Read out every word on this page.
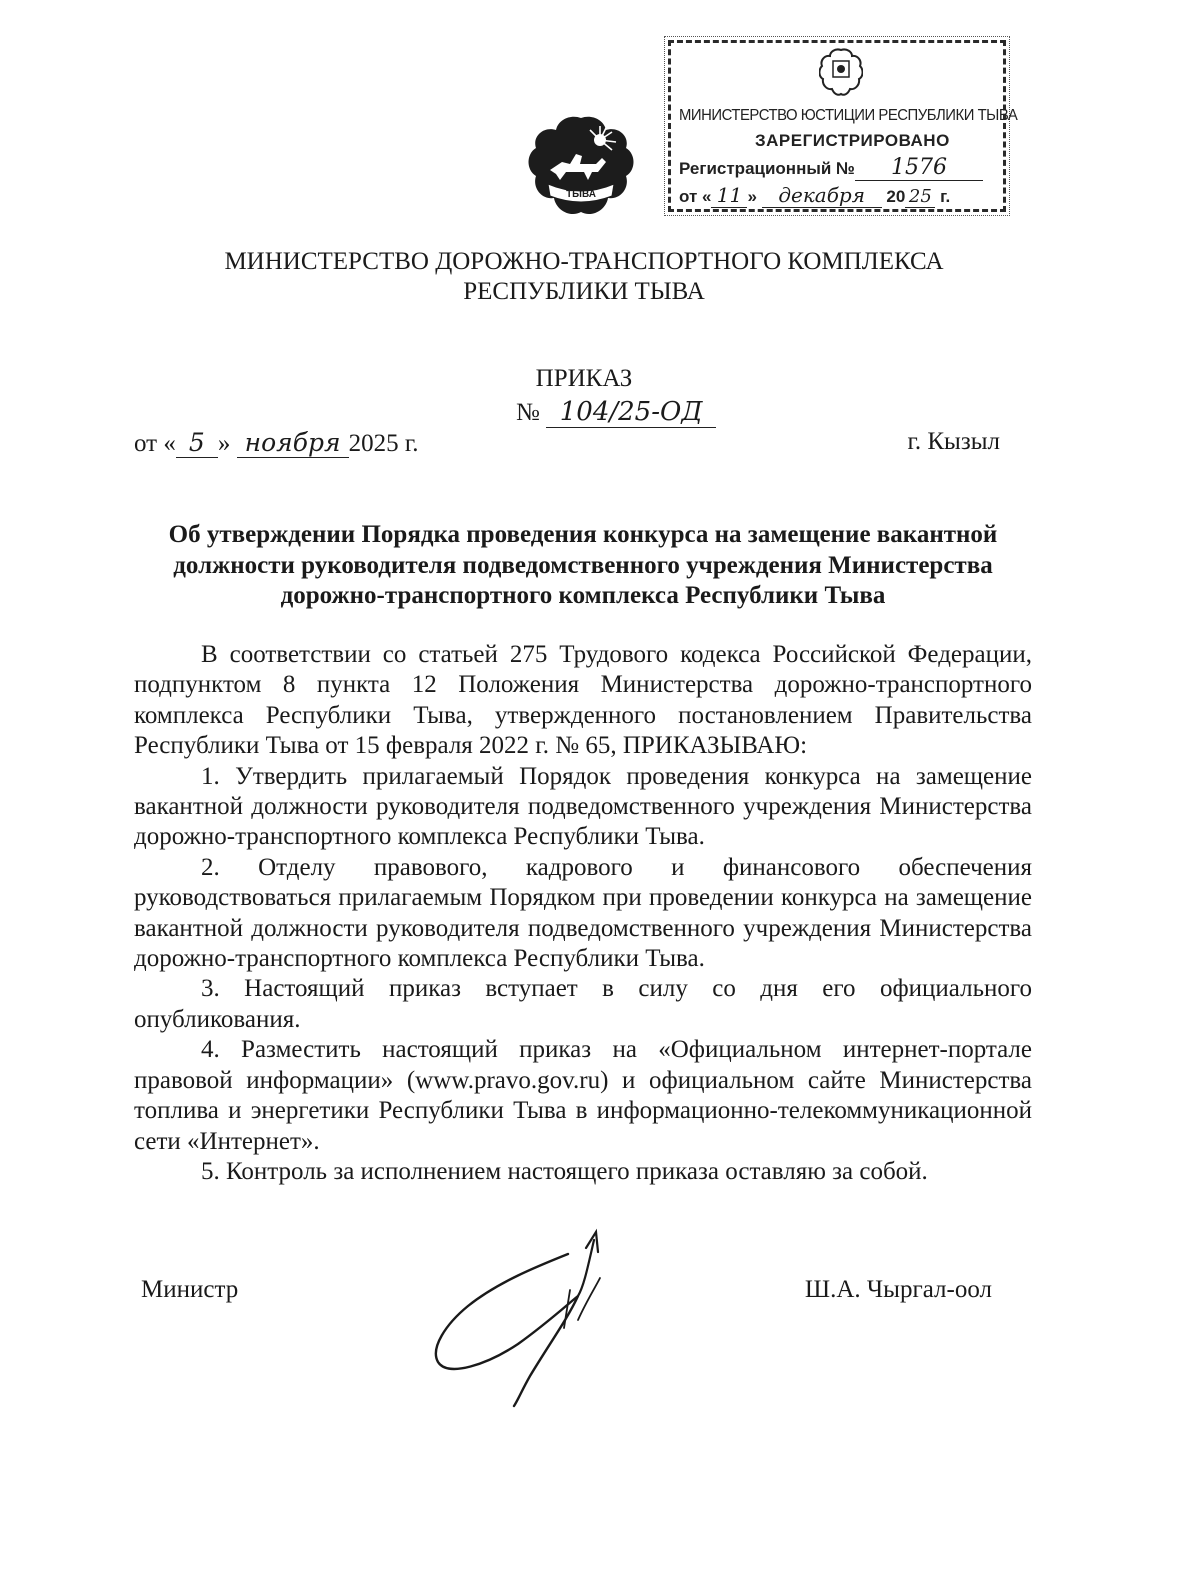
ТЫВА
МИНИСТЕРСТВО ЮСТИЦИИ РЕСПУБЛИКИ ТЫВА
ЗАРЕГИСТРИРОВАНО
Регистрационный № 1576
от « 11 » декабря 20 25 г.
МИНИСТЕРСТВО ДОРОЖНО-ТРАНСПОРТНОГО КОМПЛЕКСА
РЕСПУБЛИКИ ТЫВА
ПРИКАЗ
№ 104/25-ОД
от « 5 » ноября 2025 г.	г. Кызыл
Об утверждении Порядка проведения конкурса на замещение вакантной
должности руководителя подведомственного учреждения Министерства
дорожно-транспортного комплекса Республики Тыва

В соответствии со статьей 275 Трудового кодекса Российской Федерации, подпунктом 8 пункта 12 Положения Министерства дорожно-транспортного комплекса Республики Тыва, утвержденного постановлением Правительства Республики Тыва от 15 февраля 2022 г. № 65, ПРИКАЗЫВАЮ:

1. Утвердить прилагаемый Порядок проведения конкурса на замещение вакантной должности руководителя подведомственного учреждения Министерства дорожно-транспортного комплекса Республики Тыва.

2. Отделу правового, кадрового и финансового обеспечения руководствоваться прилагаемым Порядком при проведении конкурса на замещение вакантной должности руководителя подведомственного учреждения Министерства дорожно-транспортного комплекса Республики Тыва.

3. Настоящий приказ вступает в силу со дня его официального опубликования.

4. Разместить настоящий приказ на «Официальном интернет-портале правовой информации» (www.pravo.gov.ru) и официальном сайте Министерства топлива и энергетики Республики Тыва в информационно-телекоммуникационной сети «Интернет».

5. Контроль за исполнением настоящего приказа оставляю за собой.

Министр	Ш.А. Чыргал-оол
